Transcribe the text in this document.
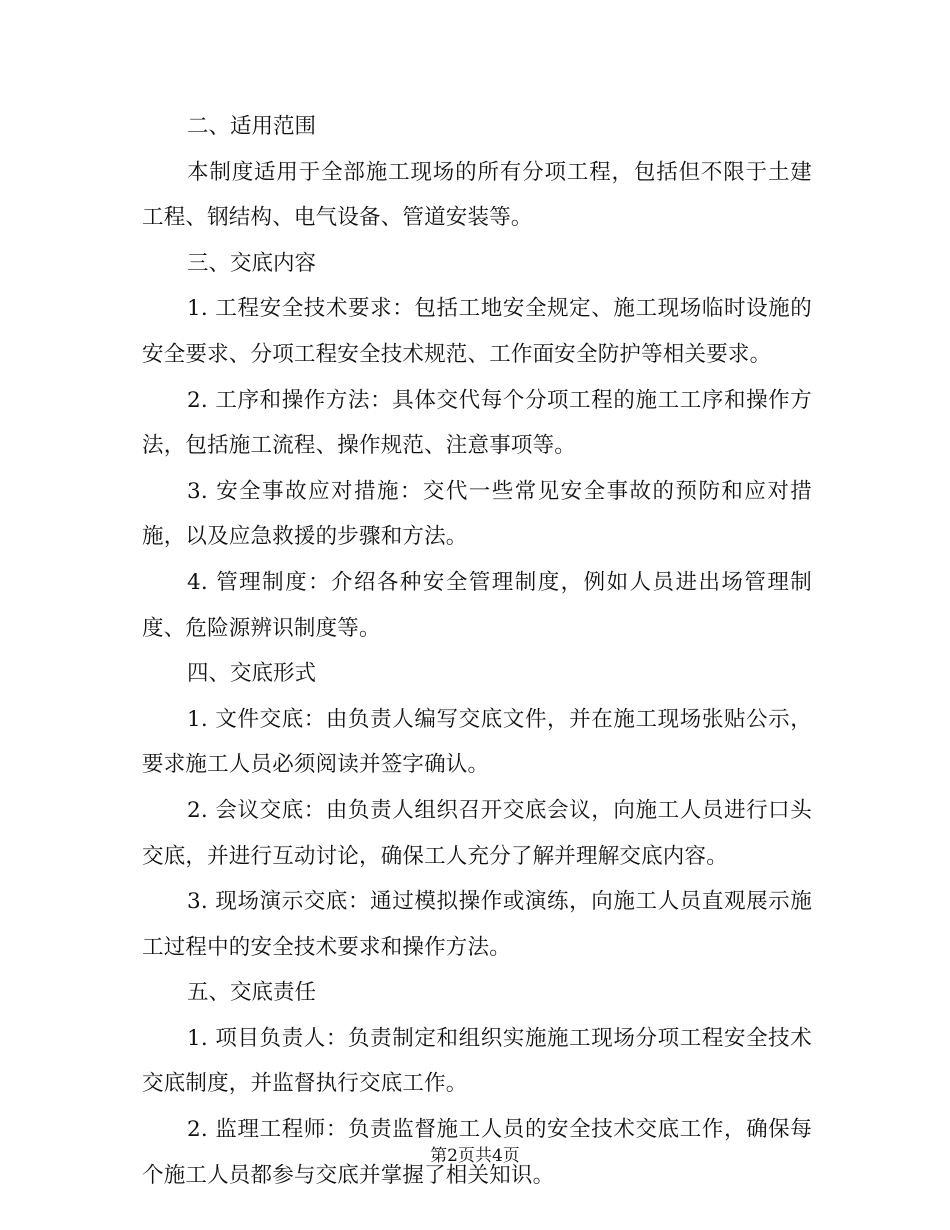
二、适用范围

本制度适用于全部施工现场的所有分项工程，包括但不限于土建工程、钢结构、电气设备、管道安装等。

三、交底内容

1. 工程安全技术要求：包括工地安全规定、施工现场临时设施的安全要求、分项工程安全技术规范、工作面安全防护等相关要求。

2. 工序和操作方法：具体交代每个分项工程的施工工序和操作方法，包括施工流程、操作规范、注意事项等。

3. 安全事故应对措施：交代一些常见安全事故的预防和应对措施，以及应急救援的步骤和方法。

4. 管理制度：介绍各种安全管理制度，例如人员进出场管理制度、危险源辨识制度等。

四、交底形式

1. 文件交底：由负责人编写交底文件，并在施工现场张贴公示，要求施工人员必须阅读并签字确认。

2. 会议交底：由负责人组织召开交底会议，向施工人员进行口头交底，并进行互动讨论，确保工人充分了解并理解交底内容。

3. 现场演示交底：通过模拟操作或演练，向施工人员直观展示施工过程中的安全技术要求和操作方法。

五、交底责任

1. 项目负责人：负责制定和组织实施施工现场分项工程安全技术交底制度，并监督执行交底工作。

2. 监理工程师：负责监督施工人员的安全技术交底工作，确保每个施工人员都参与交底并掌握了相关知识。

第2页共4页
